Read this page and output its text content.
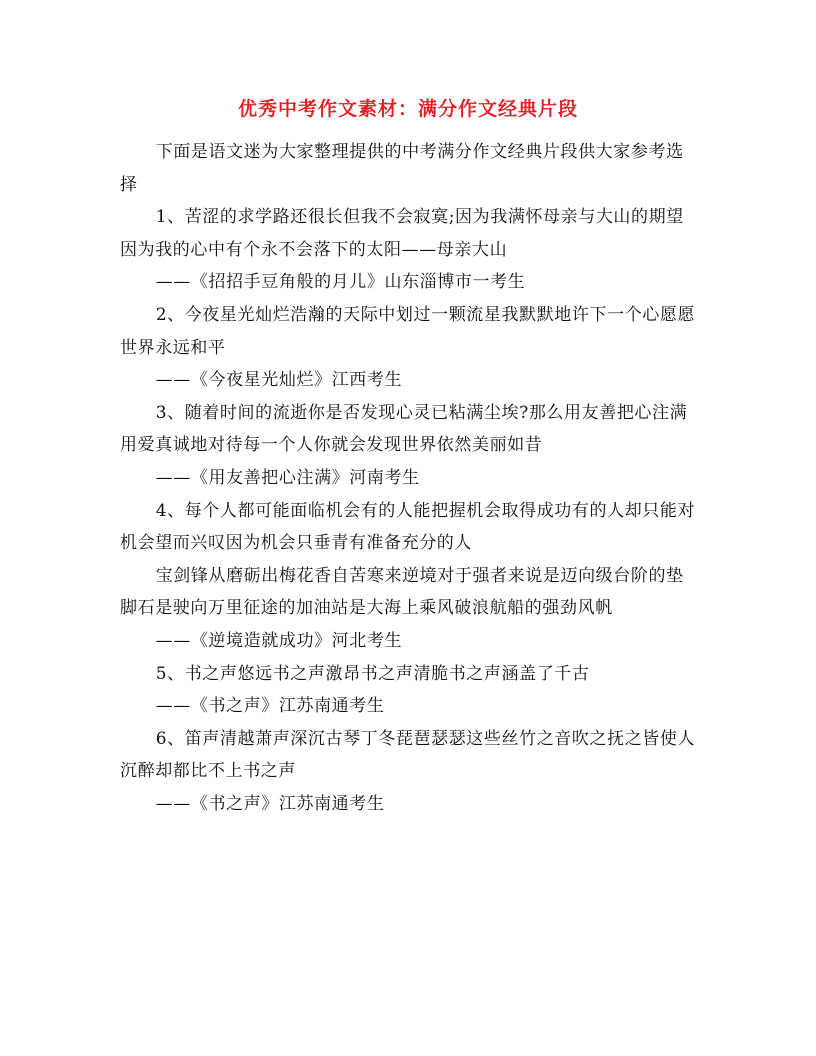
优秀中考作文素材：满分作文经典片段

下面是语文迷为大家整理提供的中考满分作文经典片段供大家参考选择

1、苦涩的求学路还很长但我不会寂寞;因为我满怀母亲与大山的期望因为我的心中有个永不会落下的太阳——母亲大山

——《招招手豆角般的月儿》山东淄博市一考生

2、今夜星光灿烂浩瀚的天际中划过一颗流星我默默地许下一个心愿愿世界永远和平

——《今夜星光灿烂》江西考生

3、随着时间的流逝你是否发现心灵已粘满尘埃?那么用友善把心注满用爱真诚地对待每一个人你就会发现世界依然美丽如昔

——《用友善把心注满》河南考生

4、每个人都可能面临机会有的人能把握机会取得成功有的人却只能对机会望而兴叹因为机会只垂青有准备充分的人

宝剑锋从磨砺出梅花香自苦寒来逆境对于强者来说是迈向级台阶的垫脚石是驶向万里征途的加油站是大海上乘风破浪航船的强劲风帆

——《逆境造就成功》河北考生

5、书之声悠远书之声激昂书之声清脆书之声涵盖了千古

——《书之声》江苏南通考生

6、笛声清越萧声深沉古琴丁冬琵琶瑟瑟这些丝竹之音吹之抚之皆使人沉醉却都比不上书之声

——《书之声》江苏南通考生
